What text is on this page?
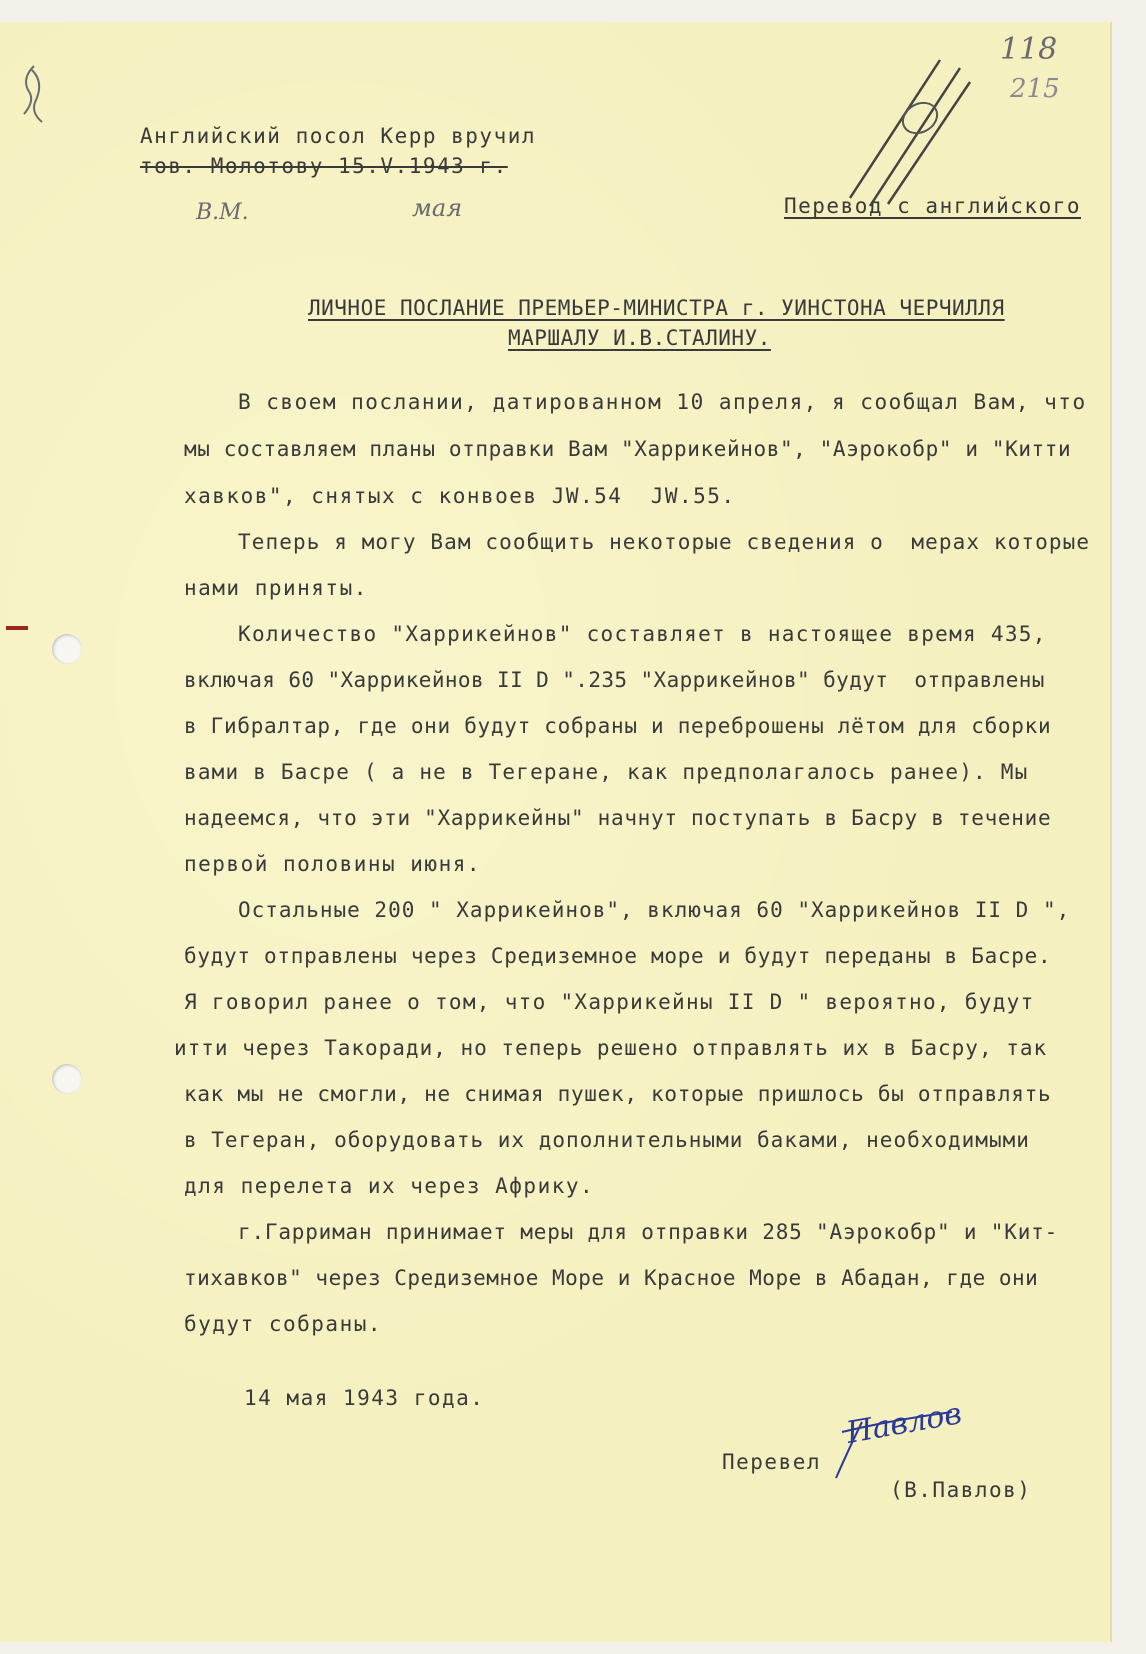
118
215
Английский посол Керр вручил
тов. Молотову 15.V.1943 г.
В.М.	мая	Перевод с английского
ЛИЧНОЕ ПОСЛАНИЕ ПРЕМЬЕР-МИНИСТРА г. УИНСТОНА ЧЕРЧИЛЛЯ
МАРШАЛУ И.В.СТАЛИНУ.
В своем послании, датированном 10 апреля, я сообщал Вам, что
мы составляем планы отправки Вам "Харрикейнов", "Аэрокобр" и "Китти
хавков", снятых с конвоев JW.54  JW.55.
Теперь я могу Вам сообщить некоторые сведения о  мерах которые
нами приняты.
Количество "Харрикейнов" составляет в настоящее время 435,
включая 60 "Харрикейнов II D ".235 "Харрикейнов" будут  отправлены
в Гибралтар, где они будут собраны и переброшены лётом для сборки
вами в Басре ( а не в Тегеране, как предполагалось ранее). Мы
надеемся, что эти "Харрикейны" начнут поступать в Басру в течение
первой половины июня.
Остальные 200 " Харрикейнов", включая 60 "Харрикейнов II D ",
будут отправлены через Средиземное море и будут переданы в Басре.
Я говорил ранее о том, что "Харрикейны II D " вероятно, будут
итти через Такоради, но теперь решено отправлять их в Басру, так
как мы не смогли, не снимая пушек, которые пришлось бы отправлять
в Тегеран, оборудовать их дополнительными баками, необходимыми
для перелета их через Африку.
г.Гарриман принимает меры для отправки 285 "Аэрокобр" и "Кит-
тихавков" через Средиземное Море и Красное Море в Абадан, где они
будут собраны.
14 мая 1943 года.
Перевел
Павлов
(В.Павлов)
